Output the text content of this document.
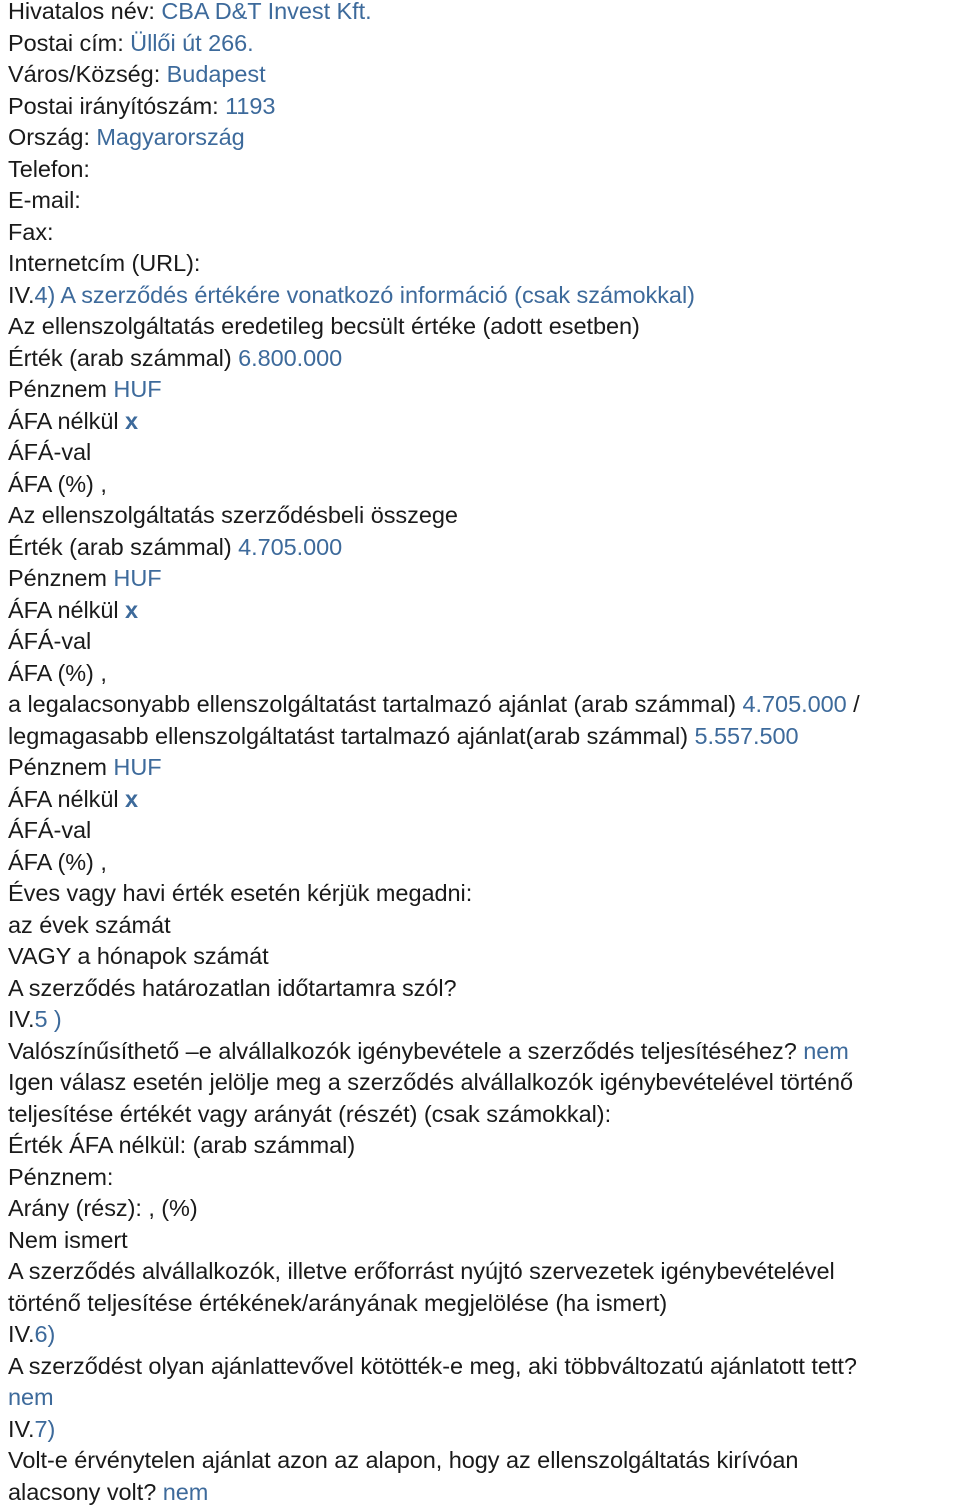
Hivatalos név: CBA D&T Invest Kft.
Postai cím: Üllői út 266.
Város/Község: Budapest
Postai irányítószám: 1193
Ország: Magyarország
Telefon:
E-mail:
Fax:
Internetcím (URL):
IV.4) A szerződés értékére vonatkozó információ (csak számokkal)
Az ellenszolgáltatás eredetileg becsült értéke (adott esetben)
Érték (arab számmal) 6.800.000
Pénznem HUF
ÁFA nélkül x
ÁFÁ-val
ÁFA (%) ,
Az ellenszolgáltatás szerződésbeli összege
Érték (arab számmal) 4.705.000
Pénznem HUF
ÁFA nélkül x
ÁFÁ-val
ÁFA (%) ,
a legalacsonyabb ellenszolgáltatást tartalmazó ajánlat (arab számmal) 4.705.000 /
legmagasabb ellenszolgáltatást tartalmazó ajánlat(arab számmal) 5.557.500
Pénznem HUF
ÁFA nélkül x
ÁFÁ-val
ÁFA (%) ,
Éves vagy havi érték esetén kérjük megadni:
az évek számát
VAGY a hónapok számát
A szerződés határozatlan időtartamra szól?
IV.5 )
Valószínűsíthető –e alvállalkozók igénybevétele a szerződés teljesítéséhez? nem
Igen válasz esetén jelölje meg a szerződés alvállalkozók igénybevételével történő
teljesítése értékét vagy arányát (részét) (csak számokkal):
Érték ÁFA nélkül: (arab számmal)
Pénznem:
Arány (rész): , (%)
Nem ismert
A szerződés alvállalkozók, illetve erőforrást nyújtó szervezetek igénybevételével
történő teljesítése értékének/arányának megjelölése (ha ismert)
IV.6)
A szerződést olyan ajánlattevővel kötötték-e meg, aki többváltozatú ajánlatott tett?
nem
IV.7)
Volt-e érvénytelen ajánlat azon az alapon, hogy az ellenszolgáltatás kirívóan
alacsony volt? nem
